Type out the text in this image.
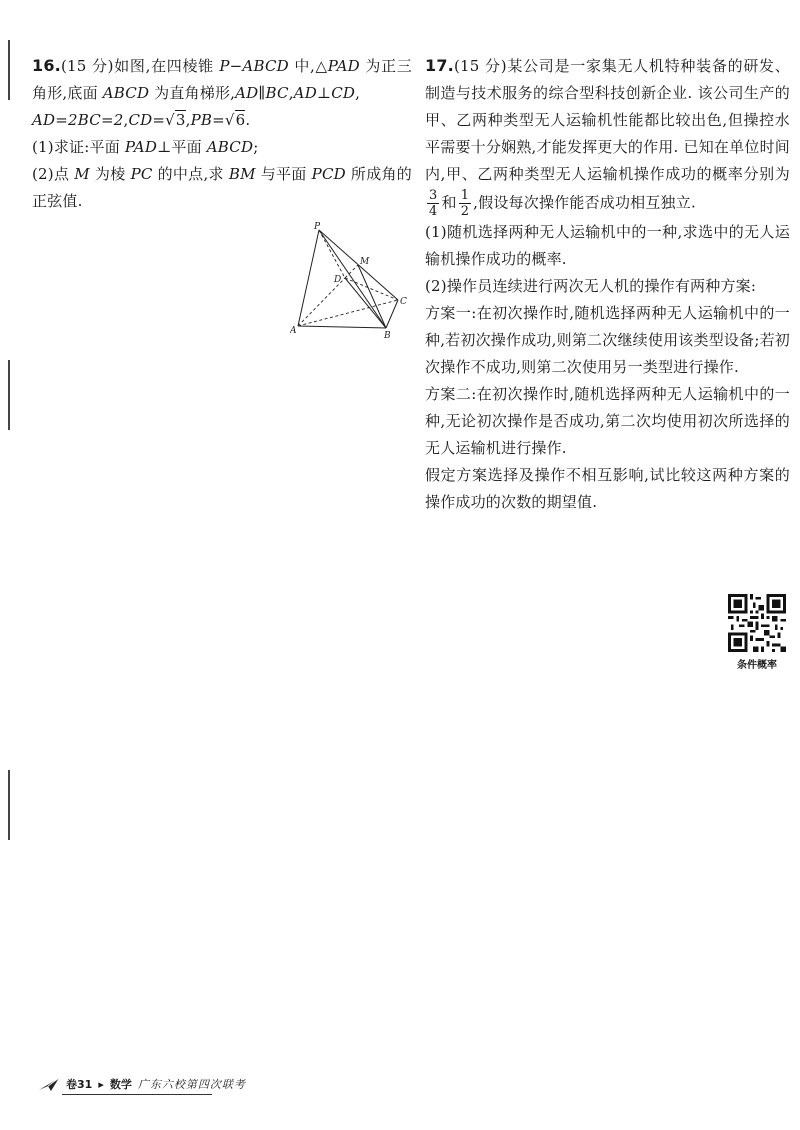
16.(15 分)如图,在四棱锥 P−ABCD 中,△PAD 为正三角形,底面 ABCD 为直角梯形,AD∥BC,AD⊥CD,
AD=2BC=2,CD=√3,PB=√6.

(1)求证:平面 PAD⊥平面 ABCD;

(2)点 M 为棱 PC 的中点,求 BM 与平面 PCD 所成角的正弦值.

P
M
D
C
A	B

17.(15 分)某公司是一家集无人机特种装备的研发、制造与技术服务的综合型科技创新企业. 该公司生产的甲、乙两种类型无人运输机性能都比较出色,但操控水平需要十分娴熟,才能发挥更大的作用. 已知在单位时间内,甲、乙两种类型无人运输机操作成功的概率分别为
$\frac{3}{4}$ 和 $\frac{1}{2}$ ,假设每次操作能否成功相互独立.

(1)随机选择两种无人运输机中的一种,求选中的无人运输机操作成功的概率.

(2)操作员连续进行两次无人机的操作有两种方案:

方案一:在初次操作时,随机选择两种无人运输机中的一种,若初次操作成功,则第二次继续使用该类型设备;若初次操作不成功,则第二次使用另一类型进行操作.

方案二:在初次操作时,随机选择两种无人运输机中的一种,无论初次操作是否成功,第二次均使用初次所选择的无人运输机进行操作.

假定方案选择及操作不相互影响,试比较这两种方案的操作成功的次数的期望值.

条件概率
卷31 ▸ 数学 广东六校第四次联考
